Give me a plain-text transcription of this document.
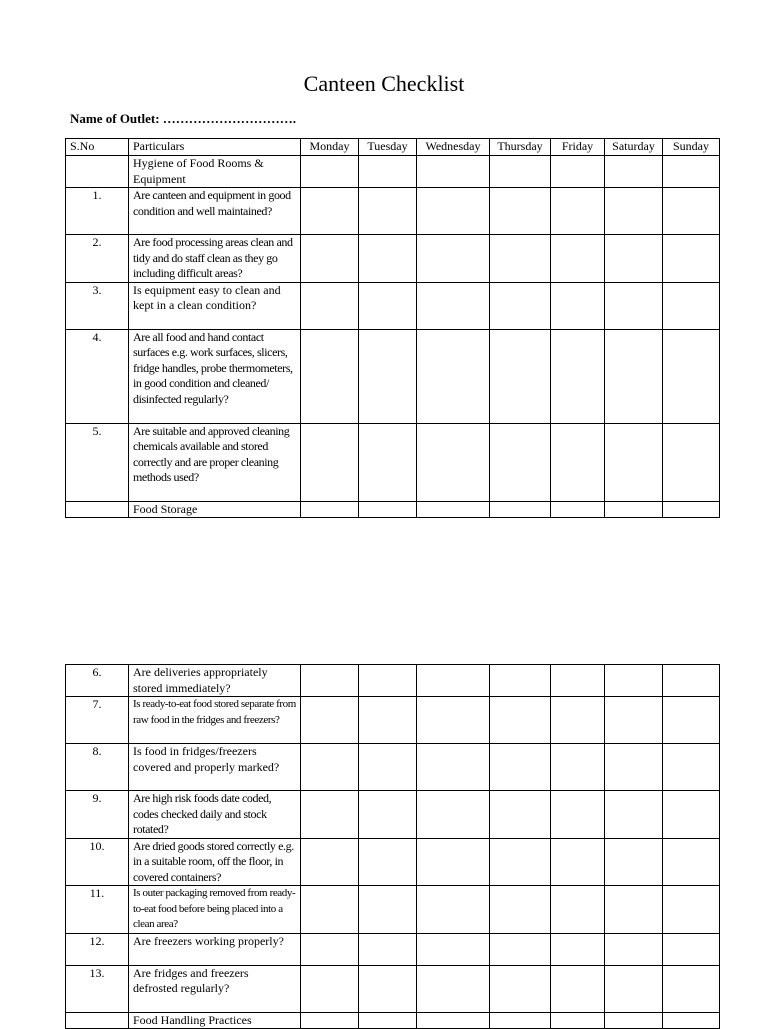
Canteen Checklist
Name of Outlet: ………………………….
S.No	Particulars	Monday	Tuesday	Wednesday	Thursday	Friday	Saturday	Sunday
	Hygiene of Food Rooms & Equipment							
1.	Are canteen and equipment in good condition and well maintained?							
2.	Are food processing areas clean and tidy and do staff clean as they go including difficult areas?							
3.	Is equipment easy to clean and kept in a clean condition?							
4.	Are all food and hand contact surfaces e.g. work surfaces, slicers, fridge handles, probe thermometers, in good condition and cleaned/ disinfected regularly?							
5.	Are suitable and approved cleaning chemicals available and stored correctly and are proper cleaning methods used?							
	Food Storage							
6.	Are deliveries appropriately stored immediately?							
7.	Is ready-to-eat food stored separate from raw food in the fridges and freezers?							
8.	Is food in fridges/freezers covered and properly marked?							
9.	Are high risk foods date coded, codes checked daily and stock rotated?							
10.	Are dried goods stored correctly e.g. in a suitable room, off the floor, in covered containers?							
11.	Is outer packaging removed from ready-to-eat food before being placed into a clean area?							
12.	Are freezers working properly?							
13.	Are fridges and freezers defrosted regularly?							
	Food Handling Practices							
